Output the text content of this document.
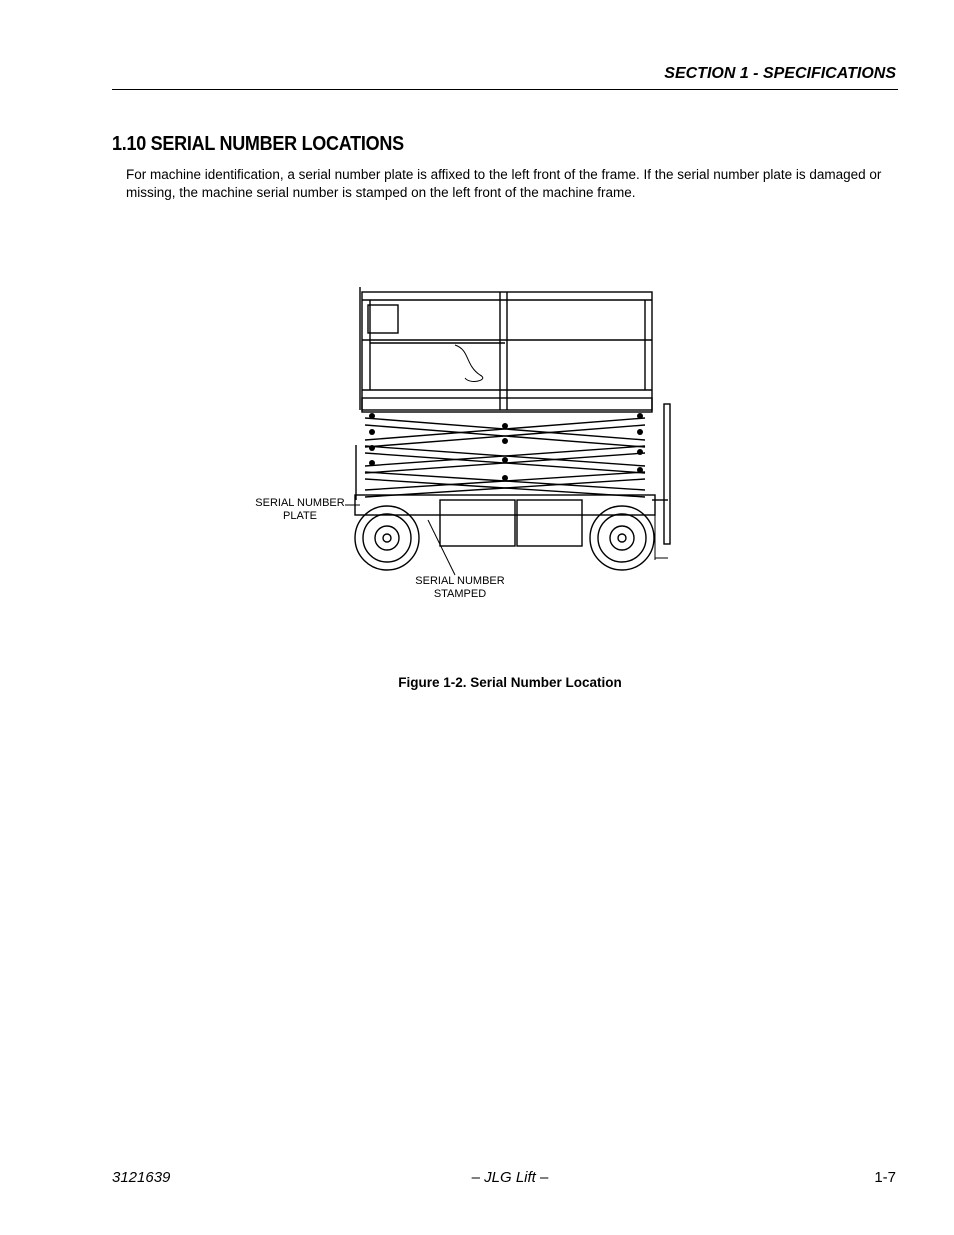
SECTION 1 - SPECIFICATIONS
1.10 SERIAL NUMBER LOCATIONS

For machine identification, a serial number plate is affixed to the left front of the frame. If the serial number plate is damaged or missing, the machine serial number is stamped on the left front of the machine frame.

SERIAL NUMBER
PLATE
SERIAL NUMBER
STAMPED
Figure 1-2. Serial Number Location
3121639	– JLG Lift –	1-7
